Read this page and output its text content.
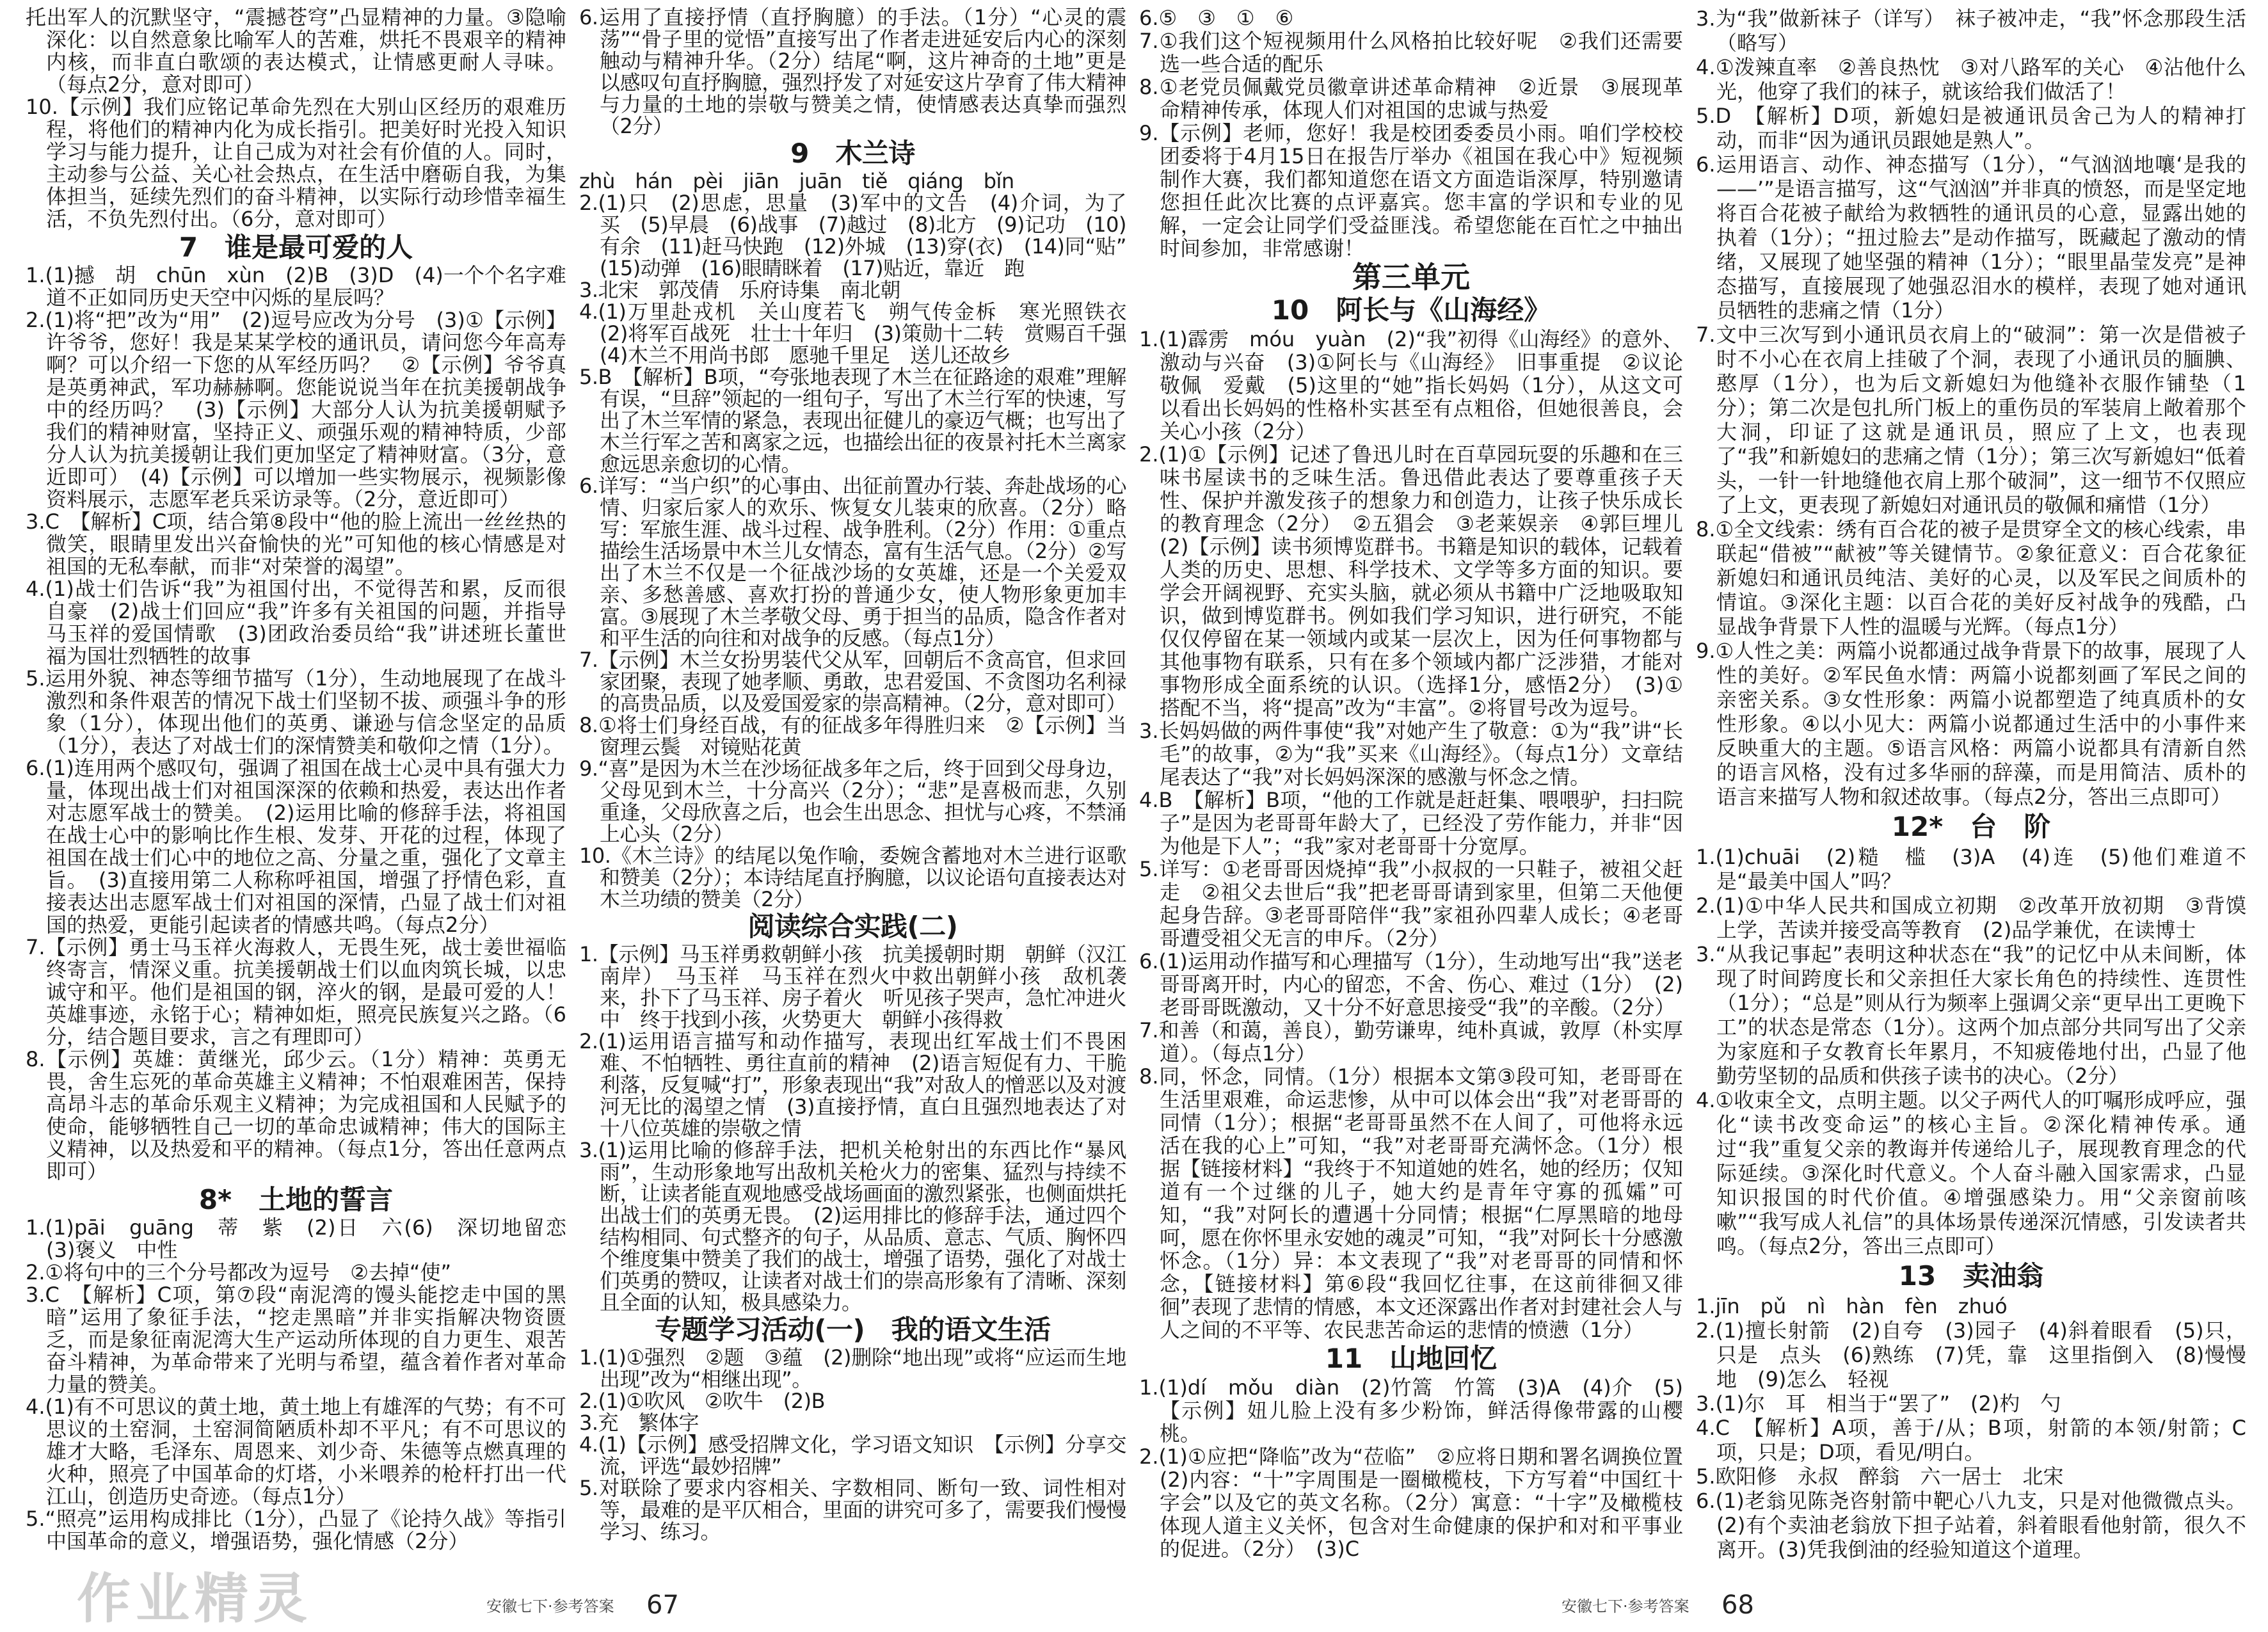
托出军人的沉默坚守，“震撼苍穹”凸显精神的力量。③隐喻深化：以自然意象比喻军人的苦难，烘托不畏艰辛的精神内核，而非直白歌颂的表达模式，让情感更耐人寻味。（每点2分，意对即可）
10.【示例】我们应铭记革命先烈在大别山区经历的艰难历程，将他们的精神内化为成长指引。把美好时光投入知识学习与能力提升，让自己成为对社会有价值的人。同时，主动参与公益、关心社会热点，在生活中磨砺自我，为集体担当，延续先烈们的奋斗精神，以实际行动珍惜幸福生活，不负先烈付出。（6分，意对即可）
7　谁是最可爱的人
1.(1)撼　胡　chūn　xùn　(2)B　(3)D　(4)一个个名字难道不正如同历史天空中闪烁的星辰吗？
2.(1)将“把”改为“用”　(2)逗号应改为分号　(3)①【示例】许爷爷，您好！我是某某学校的通讯员，请问您今年高寿啊？可以介绍一下您的从军经历吗？　②【示例】爷爷真是英勇神武，军功赫赫啊。您能说说当年在抗美援朝战争中的经历吗？　(3)【示例】大部分人认为抗美援朝赋予我们的精神财富，坚持正义、顽强乐观的精神特质，少部分人认为抗美援朝让我们更加坚定了精神财富。（3分，意近即可）　(4)【示例】可以增加一些实物展示，视频影像资料展示，志愿军老兵采访录等。（2分，意近即可）
3.C　【解析】C项，结合第⑧段中“他的脸上流出一丝丝热的微笑，眼睛里发出兴奋愉快的光”可知他的核心情感是对祖国的无私奉献，而非“对荣誉的渴望”。
4.(1)战士们告诉“我”为祖国付出，不觉得苦和累，反而很自豪　(2)战士们回应“我”许多有关祖国的问题，并指导马玉祥的爱国情歌　(3)团政治委员给“我”讲述班长董世福为国壮烈牺牲的故事
5.运用外貌、神态等细节描写（1分），生动地展现了在战斗激烈和条件艰苦的情况下战士们坚韧不拔、顽强斗争的形象（1分），体现出他们的英勇、谦逊与信念坚定的品质（1分），表达了对战士们的深情赞美和敬仰之情（1分）。
6.(1)连用两个感叹句，强调了祖国在战士心灵中具有强大力量，体现出战士们对祖国深深的依赖和热爱，表达出作者对志愿军战士的赞美。　(2)运用比喻的修辞手法，将祖国在战士心中的影响比作生根、发芽、开花的过程，体现了祖国在战士们心中的地位之高、分量之重，强化了文章主旨。　(3)直接用第二人称称呼祖国，增强了抒情色彩，直接表达出志愿军战士们对祖国的深情，凸显了战士们对祖国的热爱，更能引起读者的情感共鸣。（每点2分）
7.【示例】勇士马玉祥火海救人，无畏生死，战士姜世福临终寄言，情深义重。抗美援朝战士们以血肉筑长城，以忠诚守和平。他们是祖国的钢，淬火的钢，是最可爱的人！英雄事迹，永铭于心；精神如炬，照亮民族复兴之路。（6分，结合题目要求，言之有理即可）
8.【示例】英雄：黄继光，邱少云。（1分）精神：英勇无畏，舍生忘死的革命英雄主义精神；不怕艰难困苦，保持高昂斗志的革命乐观主义精神；为完成祖国和人民赋予的使命，能够牺牲自己一切的革命忠诚精神；伟大的国际主义精神，以及热爱和平的精神。（每点1分，答出任意两点即可）
8*　土地的誓言
1.(1)pāi　guāng　蒂　紫　(2)日　六(6)　深切地留恋　(3)褒义　中性
2.①将句中的三个分号都改为逗号　②去掉“使”
3.C　【解析】C项，第⑦段“南泥湾的馒头能挖走中国的黑暗”运用了象征手法，“挖走黑暗”并非实指解决物资匮乏，而是象征南泥湾大生产运动所体现的自力更生、艰苦奋斗精神，为革命带来了光明与希望，蕴含着作者对革命力量的赞美。
4.(1)有不可思议的黄土地，黄土地上有雄浑的气势；有不可思议的土窑洞，土窑洞简陋质朴却不平凡；有不可思议的雄才大略，毛泽东、周恩来、刘少奇、朱德等点燃真理的火种，照亮了中国革命的灯塔，小米喂养的枪杆打出一代江山，创造历史奇迹。（每点1分）
5.“照亮”运用构成排比（1分），凸显了《论持久战》等指引中国革命的意义，增强语势，强化情感（2分）
6.运用了直接抒情（直抒胸臆）的手法。（1分）“心灵的震荡”“骨子里的觉悟”直接写出了作者走进延安后内心的深刻触动与精神升华。（2分）结尾“啊，这片神奇的土地”更是以感叹句直抒胸臆，强烈抒发了对延安这片孕育了伟大精神与力量的土地的崇敬与赞美之情，使情感表达真挚而强烈（2分）
9　木兰诗
zhù　hán　pèi　jiān　juān　tiě　qiáng　bǐn
2.(1)只　(2)思虑，思量　(3)军中的文告　(4)介词，为了　买　(5)早晨　(6)战事　(7)越过　(8)北方　(9)记功　(10)有余　(11)赶马快跑　(12)外城　(13)穿(衣)　(14)同“贴”　(15)动弹　(16)眼睛眯着　(17)贴近，靠近　跑
3.北宋　郭茂倩　乐府诗集　南北朝
4.(1)万里赴戎机　关山度若飞　朔气传金柝　寒光照铁衣　(2)将军百战死　壮士十年归　(3)策勋十二转　赏赐百千强　(4)木兰不用尚书郎　愿驰千里足　送儿还故乡
5.B　【解析】B项，“夸张地表现了木兰在征路途的艰难”理解有误，“旦辞”领起的一组句子，写出了木兰行军的快速，写出了木兰军情的紧急，表现出征健儿的豪迈气概；也写出了木兰行军之苦和离家之远，也描绘出征的夜景衬托木兰离家愈远思亲愈切的心情。
6.详写：“当户织”的心事由、出征前置办行装、奔赴战场的心情、归家后家人的欢乐、恢复女儿装束的欣喜。（2分）略写：军旅生涯、战斗过程、战争胜利。（2分）作用：①重点描绘生活场景中木兰儿女情态，富有生活气息。（2分）②写出了木兰不仅是一个征战沙场的女英雄，还是一个关爱双亲、多愁善感、喜欢打扮的普通少女，使人物形象更加丰富。③展现了木兰孝敬父母、勇于担当的品质，隐含作者对和平生活的向往和对战争的反感。（每点1分）
7.【示例】木兰女扮男装代父从军，回朝后不贪高官，但求回家团聚，表现了她孝顺、勇敢，忠君爱国、不贪图功名利禄的高贵品质，以及爱国爱家的崇高精神。（2分，意对即可）
8.①将士们身经百战，有的征战多年得胜归来　②【示例】当窗理云鬓　对镜贴花黄
9.“喜”是因为木兰在沙场征战多年之后，终于回到父母身边，父母见到木兰，十分高兴（2分）；“悲”是喜极而悲，久别重逢，父母欣喜之后，也会生出思念、担忧与心疼，不禁涌上心头（2分）
10.《木兰诗》的结尾以兔作喻，委婉含蓄地对木兰进行讴歌和赞美（2分）；本诗结尾直抒胸臆，以议论语句直接表达对木兰功绩的赞美（2分）
阅读综合实践(二)
1.【示例】马玉祥勇救朝鲜小孩　抗美援朝时期　朝鲜（汉江南岸）　马玉祥　马玉祥在烈火中救出朝鲜小孩　敌机袭来，扑下了马玉祥、房子着火　听见孩子哭声，急忙冲进火中　终于找到小孩，火势更大　朝鲜小孩得救
2.(1)运用语言描写和动作描写，表现出红军战士们不畏困难、不怕牺牲、勇往直前的精神　(2)语言短促有力、干脆利落，反复喊“打”，形象表现出“我”对敌人的憎恶以及对渡河无比的渴望之情　(3)直接抒情，直白且强烈地表达了对十八位英雄的崇敬之情
3.(1)运用比喻的修辞手法，把机关枪射出的东西比作“暴风雨”，生动形象地写出敌机关枪火力的密集、猛烈与持续不断，让读者能直观地感受战场画面的激烈紧张，也侧面烘托出战士们的英勇无畏。　(2)运用排比的修辞手法，通过四个结构相同、句式整齐的句子，从品质、意志、气质、胸怀四个维度集中赞美了我们的战士，增强了语势，强化了对战士们英勇的赞叹，让读者对战士们的崇高形象有了清晰、深刻且全面的认知，极具感染力。
专题学习活动(一)　我的语文生活
1.(1)①强烈　②题　③蕴　(2)删除“地出现”或将“应运而生地出现”改为“相继出现”。
2.(1)①吹风　②吹牛　(2)B
3.充　繁体字
4.(1)【示例】感受招牌文化，学习语文知识　【示例】分享交流，评选“最妙招牌”
5.对联除了要求内容相关、字数相同、断句一致、词性相对等，最难的是平仄相合，里面的讲究可多了，需要我们慢慢学习、练习。
6.⑤　③　①　⑥
7.①我们这个短视频用什么风格拍比较好呢　②我们还需要选一些合适的配乐
8.①老党员佩戴党员徽章讲述革命精神　②近景　③展现革命精神传承，体现人们对祖国的忠诚与热爱
9.【示例】老师，您好！我是校团委委员小雨。咱们学校校团委将于4月15日在报告厅举办《祖国在我心中》短视频制作大赛，我们都知道您在语文方面造诣深厚，特别邀请您担任此次比赛的点评嘉宾。您丰富的学识和专业的见解，一定会让同学们受益匪浅。希望您能在百忙之中抽出时间参加，非常感谢！
第三单元
10　阿长与《山海经》
1.(1)霹雳　móu　yuàn　(2)“我”初得《山海经》的意外、激动与兴奋　(3)①阿长与《山海经》　旧事重提　②议论　敬佩　爱戴　(5)这里的“她”指长妈妈（1分），从这文可以看出长妈妈的性格朴实甚至有点粗俗，但她很善良，会关心小孩（2分）
2.(1)①【示例】记述了鲁迅儿时在百草园玩耍的乐趣和在三味书屋读书的乏味生活。鲁迅借此表达了要尊重孩子天性、保护并激发孩子的想象力和创造力，让孩子快乐成长的教育理念（2分）　②五猖会　③老莱娱亲　④郭巨埋儿　(2)【示例】读书须博览群书。书籍是知识的载体，记载着人类的历史、思想、科学技术、文学等多方面的知识。要学会开阔视野、充实头脑，就必须从书籍中广泛地吸取知识，做到博览群书。例如我们学习知识，进行研究，不能仅仅停留在某一领域内或某一层次上，因为任何事物都与其他事物有联系，只有在多个领域内都广泛涉猎，才能对事物形成全面系统的认识。（选择1分，感悟2分）　(3)①搭配不当，将“提高”改为“丰富”。②将冒号改为逗号。
3.长妈妈做的两件事使“我”对她产生了敬意：①为“我”讲“长毛”的故事，②为“我”买来《山海经》。（每点1分）文章结尾表达了“我”对长妈妈深深的感激与怀念之情。
4.B　【解析】B项，“他的工作就是赶赶集、喂喂驴，扫扫院子”是因为老哥哥年龄大了，已经没了劳作能力，并非“因为他是下人”；“我”家对老哥哥十分宽厚。
5.详写：①老哥哥因烧掉“我”小叔叔的一只鞋子，被祖父赶走　②祖父去世后“我”把老哥哥请到家里，但第二天他便起身告辞。③老哥哥陪伴“我”家祖孙四辈人成长；④老哥哥遭受祖父无言的申斥。（2分）
6.(1)运用动作描写和心理描写（1分），生动地写出“我”送老哥哥离开时，内心的留恋，不舍、伤心、难过（1分）　(2)老哥哥既激动，又十分不好意思接受“我”的辛酸。（2分）
7.和善（和蔼，善良），勤劳谦卑，纯朴真诚，敦厚（朴实厚道）。（每点1分）
8.同，怀念，同情。（1分）根据本文第③段可知，老哥哥在生活里艰难，命运悲惨，从中可以体会出“我”对老哥哥的同情（1分）；根据“老哥哥虽然不在人间了，可他将永远活在我的心上”可知，“我”对老哥哥充满怀念。（1分）根据【链接材料】“我终于不知道她的姓名，她的经历；仅知道有一个过继的儿子，她大约是青年守寡的孤孀”可知，“我”对阿长的遭遇十分同情；根据“仁厚黑暗的地母呵，愿在你怀里永安她的魂灵”可知，“我”对阿长十分感激怀念。（1分）异：本文表现了“我”对老哥哥的同情和怀念，【链接材料】第⑥段“我回忆往事，在这前徘徊又徘徊”表现了悲情的情感，本文还深露出作者对封建社会人与人之间的不平等、农民悲苦命运的悲情的愤懑（1分）
11　山地回忆
1.(1)dí　mǒu　diàn　(2)竹篙　竹篙　(3)A　(4)介　(5)【示例】妞儿脸上没有多少粉饰，鲜活得像带露的山樱桃。
2.(1)①应把“降临”改为“莅临”　②应将日期和署名调换位置　(2)内容：“十”字周围是一圈橄榄枝，下方写着“中国红十字会”以及它的英文名称。（2分）寓意：“十字”及橄榄枝体现人道主义关怀，包含对生命健康的保护和对和平事业的促进。（2分）　(3)C
3.为“我”做新袜子（详写）　袜子被冲走，“我”怀念那段生活（略写）
4.①泼辣直率　②善良热忱　③对八路军的关心　④沾他什么光，他穿了我们的袜子，就该给我们做活了！
5.D　【解析】D项，新媳妇是被通讯员舍己为人的精神打动，而非“因为通讯员跟她是熟人”。
6.运用语言、动作、神态描写（1分），“气汹汹地嚷‘是我的——’”是语言描写，这“气汹汹”并非真的愤怒，而是坚定地将百合花被子献给为救牺牲的通讯员的心意，显露出她的执着（1分）；“扭过脸去”是动作描写，既藏起了激动的情绪，又展现了她坚强的精神（1分）；“眼里晶莹发亮”是神态描写，直接展现了她强忍泪水的模样，表现了她对通讯员牺牲的悲痛之情（1分）
7.文中三次写到小通讯员衣肩上的“破洞”：第一次是借被子时不小心在衣肩上挂破了个洞，表现了小通讯员的腼腆、憨厚（1分），也为后文新媳妇为他缝补衣服作铺垫（1分）；第二次是包扎所门板上的重伤员的军装肩上敞着那个大洞，印证了这就是通讯员，照应了上文，也表现了“我”和新媳妇的悲痛之情（1分）；第三次写新媳妇“低着头，一针一针地缝他衣肩上那个破洞”，这一细节不仅照应了上文，更表现了新媳妇对通讯员的敬佩和痛惜（1分）
8.①全文线索：绣有百合花的被子是贯穿全文的核心线索，串联起“借被”“献被”等关键情节。②象征意义：百合花象征新媳妇和通讯员纯洁、美好的心灵，以及军民之间质朴的情谊。③深化主题：以百合花的美好反衬战争的残酷，凸显战争背景下人性的温暖与光辉。（每点1分）
9.①人性之美：两篇小说都通过战争背景下的故事，展现了人性的美好。②军民鱼水情：两篇小说都刻画了军民之间的亲密关系。③女性形象：两篇小说都塑造了纯真质朴的女性形象。④以小见大：两篇小说都通过生活中的小事件来反映重大的主题。⑤语言风格：两篇小说都具有清新自然的语言风格，没有过多华丽的辞藻，而是用简洁、质朴的语言来描写人物和叙述故事。（每点2分，答出三点即可）
12*　台　阶
1.(1)chuāi　(2)糙　槛　(3)A　(4)连　(5)他们难道不是“最美中国人”吗？
2.(1)①中华人民共和国成立初期　②改革开放初期　③背馍上学，苦读并接受高等教育　(2)品学兼优，在读博士
3.“从我记事起”表明这种状态在“我”的记忆中从未间断，体现了时间跨度长和父亲担任大家长角色的持续性、连贯性（1分）；“总是”则从行为频率上强调父亲“更早出工更晚下工”的状态是常态（1分）。这两个加点部分共同写出了父亲为家庭和子女教育长年累月，不知疲倦地付出，凸显了他勤劳坚韧的品质和供孩子读书的决心。（2分）
4.①收束全文，点明主题。以父子两代人的叮嘱形成呼应，强化“读书改变命运”的核心主旨。②深化精神传承。通过“我”重复父亲的教诲并传递给儿子，展现教育理念的代际延续。③深化时代意义。个人奋斗融入国家需求，凸显知识报国的时代价值。④增强感染力。用“父亲窗前咳嗽”“我写成人礼信”的具体场景传递深沉情感，引发读者共鸣。（每点2分，答出三点即可）
13　卖油翁
1.jīn　pǔ　nì　hàn　fèn　zhuó
2.(1)擅长射箭　(2)自夸　(3)园子　(4)斜着眼看　(5)只，只是　点头　(6)熟练　(7)凭，靠　这里指倒入　(8)慢慢地　(9)怎么　轻视
3.(1)尔　耳　相当于“罢了”　(2)杓　勺
4.C　【解析】A项，善于/从；B项，射箭的本领/射箭；C项，只是；D项，看见/明白。
5.欧阳修　永叔　醉翁　六一居士　北宋
6.(1)老翁见陈尧咨射箭中靶心八九支，只是对他微微点头。(2)有个卖油老翁放下担子站着，斜着眼看他射箭，很久不离开。(3)凭我倒油的经验知道这个道理。
作业精灵	安徽七下·参考答案 67	安徽七下·参考答案 68
